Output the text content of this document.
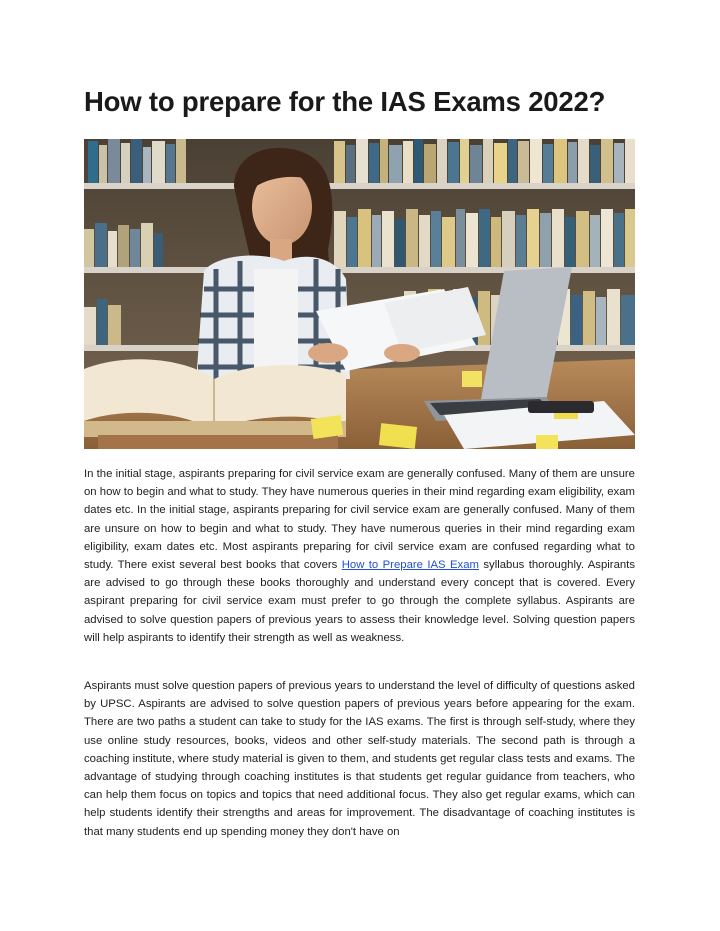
How to prepare for the IAS Exams 2022?

In the initial stage, aspirants preparing for civil service exam are generally confused. Many of them are unsure on how to begin and what to study. They have numerous queries in their mind regarding exam eligibility, exam dates etc. In the initial stage, aspirants preparing for civil service exam are generally confused. Many of them are unsure on how to begin and what to study. They have numerous queries in their mind regarding exam eligibility, exam dates etc. Most aspirants preparing for civil service exam are confused regarding what to study. There exist several best books that covers How to Prepare IAS Exam syllabus thoroughly. Aspirants are advised to go through these books thoroughly and understand every concept that is covered. Every aspirant preparing for civil service exam must prefer to go through the complete syllabus. Aspirants are advised to solve question papers of previous years to assess their knowledge level. Solving question papers will help aspirants to identify their strength as well as weakness.

Aspirants must solve question papers of previous years to understand the level of difficulty of questions asked by UPSC. Aspirants are advised to solve question papers of previous years before appearing for the exam. There are two paths a student can take to study for the IAS exams. The first is through self-study, where they use online study resources, books, videos and other self-study materials. The second path is through a coaching institute, where study material is given to them, and students get regular class tests and exams. The advantage of studying through coaching institutes is that students get regular guidance from teachers, who can help them focus on topics and topics that need additional focus. They also get regular exams, which can help students identify their strengths and areas for improvement. The disadvantage of coaching institutes is that many students end up spending money they don't have on
